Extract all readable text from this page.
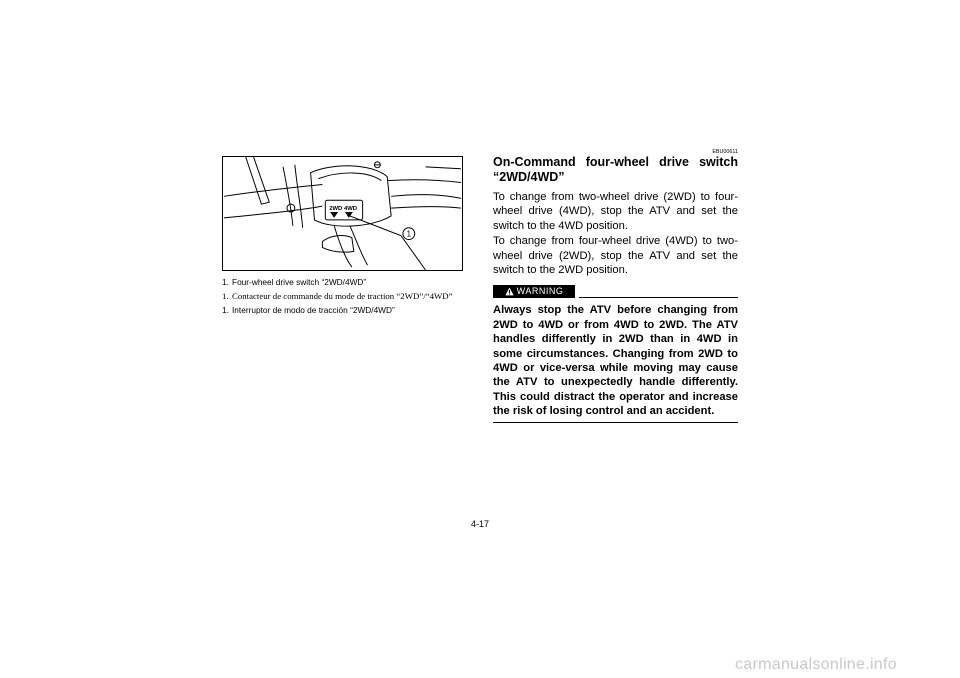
2WD 4WD
1

1. Four-wheel drive switch “2WD/4WD”

1. Contacteur de commande du mode de traction “2WD”/“4WD”

1. Interruptor de modo de tracción “2WD/4WD”

EBU00611
On-Command four-wheel drive switch
“2WD/4WD”

To change from two-wheel drive (2WD) to four-wheel drive (4WD), stop the ATV and set the switch to the 4WD position.

To change from four-wheel drive (4WD) to two-wheel drive (2WD), stop the ATV and set the switch to the 2WD position.

WARNING
Always stop the ATV before changing from 2WD to 4WD or from 4WD to 2WD. The ATV handles differently in 2WD than in 4WD in some circumstances. Changing from 2WD to 4WD or vice-versa while moving may cause the ATV to unexpectedly handle differently. This could distract the operator and increase the risk of losing control and an accident.
4-17
carmanualsonline.info
